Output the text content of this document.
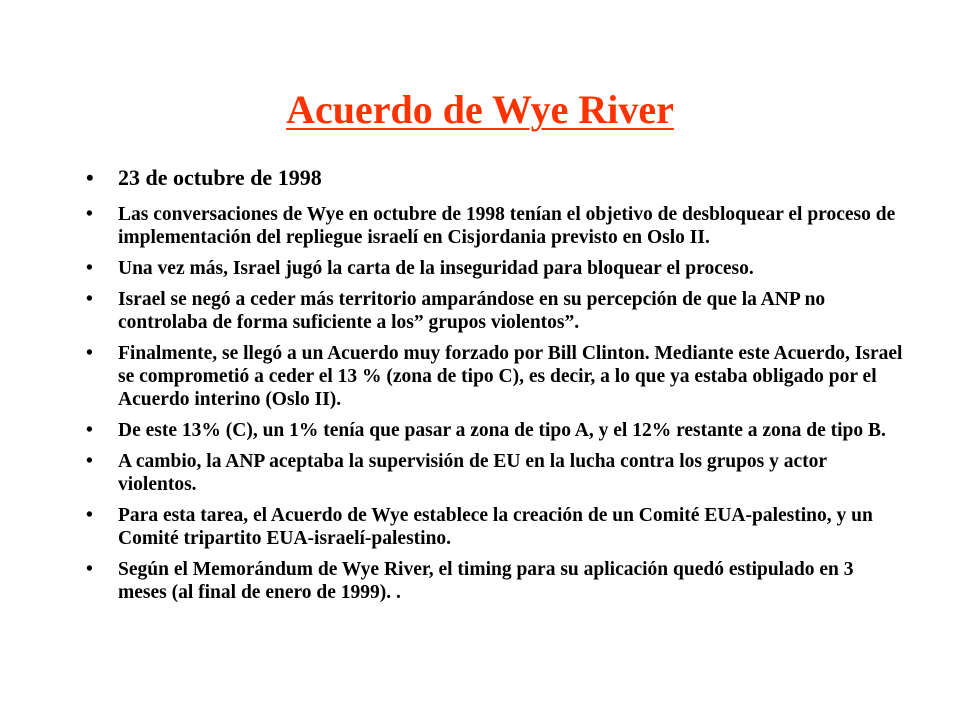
Acuerdo de Wye River
• 23 de octubre de 1998
• Las conversaciones de Wye en octubre de 1998 tenían el objetivo de desbloquear el proceso de implementación del repliegue israelí en Cisjordania previsto en Oslo II.
• Una vez más, Israel jugó la carta de la inseguridad para bloquear el proceso.
• Israel se negó a ceder más territorio amparándose en su percepción de que la ANP no controlaba de forma suficiente a los” grupos violentos”.
• Finalmente, se llegó a un Acuerdo muy forzado por Bill Clinton. Mediante este Acuerdo, Israel se comprometió a ceder el 13 % (zona de tipo C), es decir, a lo que ya estaba obligado por el Acuerdo interino (Oslo II).
• De este 13% (C), un 1% tenía que pasar a zona de tipo A, y el 12% restante a zona de tipo B.
• A cambio, la ANP aceptaba la supervisión de EU en la lucha contra los grupos y actor violentos.
• Para esta tarea, el Acuerdo de Wye establece la creación de un Comité EUA-palestino, y un Comité tripartito EUA-israelí-palestino.
• Según el Memorándum de Wye River, el timing para su aplicación quedó estipulado en 3 meses (al final de enero de 1999). .
